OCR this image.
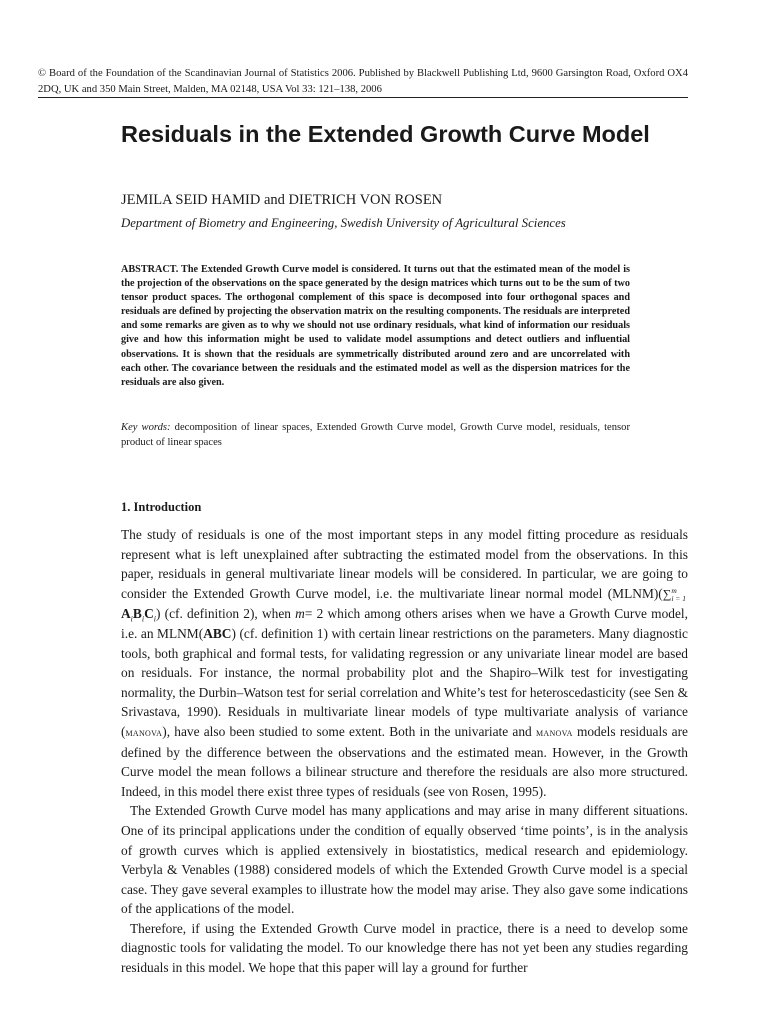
© Board of the Foundation of the Scandinavian Journal of Statistics 2006. Published by Blackwell Publishing Ltd, 9600 Garsington Road, Oxford OX4 2DQ, UK and 350 Main Street, Malden, MA 02148, USA Vol 33: 121–138, 2006
Residuals in the Extended Growth Curve Model
JEMILA SEID HAMID and DIETRICH VON ROSEN
Department of Biometry and Engineering, Swedish University of Agricultural Sciences
ABSTRACT. The Extended Growth Curve model is considered. It turns out that the estimated mean of the model is the projection of the observations on the space generated by the design matrices which turns out to be the sum of two tensor product spaces. The orthogonal complement of this space is decomposed into four orthogonal spaces and residuals are defined by projecting the observation matrix on the resulting components. The residuals are interpreted and some remarks are given as to why we should not use ordinary residuals, what kind of information our residuals give and how this information might be used to validate model assumptions and detect outliers and influential observations. It is shown that the residuals are symmetrically distributed around zero and are uncorrelated with each other. The covariance between the residuals and the estimated model as well as the dispersion matrices for the residuals are also given.
Key words: decomposition of linear spaces, Extended Growth Curve model, Growth Curve model, residuals, tensor product of linear spaces
1. Introduction

The study of residuals is one of the most important steps in any model fitting procedure as residuals represent what is left unexplained after subtracting the estimated model from the observations. In this paper, residuals in general multivariate linear models will be considered. In particular, we are going to consider the Extended Growth Curve model, i.e. the multivariate linear normal model (MLNM)(∑ m
i = 1
$A_iB_iC_i$) (cf. definition 2), when m= 2 which among others arises when we have a Growth Curve model, i.e. an MLNM(ABC) (cf. definition 1) with certain linear restrictions on the parameters. Many diagnostic tools, both graphical and formal tests, for validating regression or any univariate linear model are based on residuals. For instance, the normal probability plot and the Shapiro–Wilk test for investigating normality, the Durbin–Watson test for serial correlation and White’s test for heteroscedasticity (see Sen & Srivastava, 1990). Residuals in multivariate linear models of type multivariate analysis of variance (manova), have also been studied to some extent. Both in the univariate and manova models residuals are defined by the difference between the observations and the estimated mean. However, in the Growth Curve model the mean follows a bilinear structure and therefore the residuals are also more structured. Indeed, in this model there exist three types of residuals (see von Rosen, 1995).

The Extended Growth Curve model has many applications and may arise in many different situations. One of its principal applications under the condition of equally observed ‘time points’, is in the analysis of growth curves which is applied extensively in biostatistics, medical research and epidemiology. Verbyla & Venables (1988) considered models of which the Extended Growth Curve model is a special case. They gave several examples to illustrate how the model may arise. They also gave some indications of the applications of the model.

Therefore, if using the Extended Growth Curve model in practice, there is a need to develop some diagnostic tools for validating the model. To our knowledge there has not yet been any studies regarding residuals in this model. We hope that this paper will lay a ground for further
